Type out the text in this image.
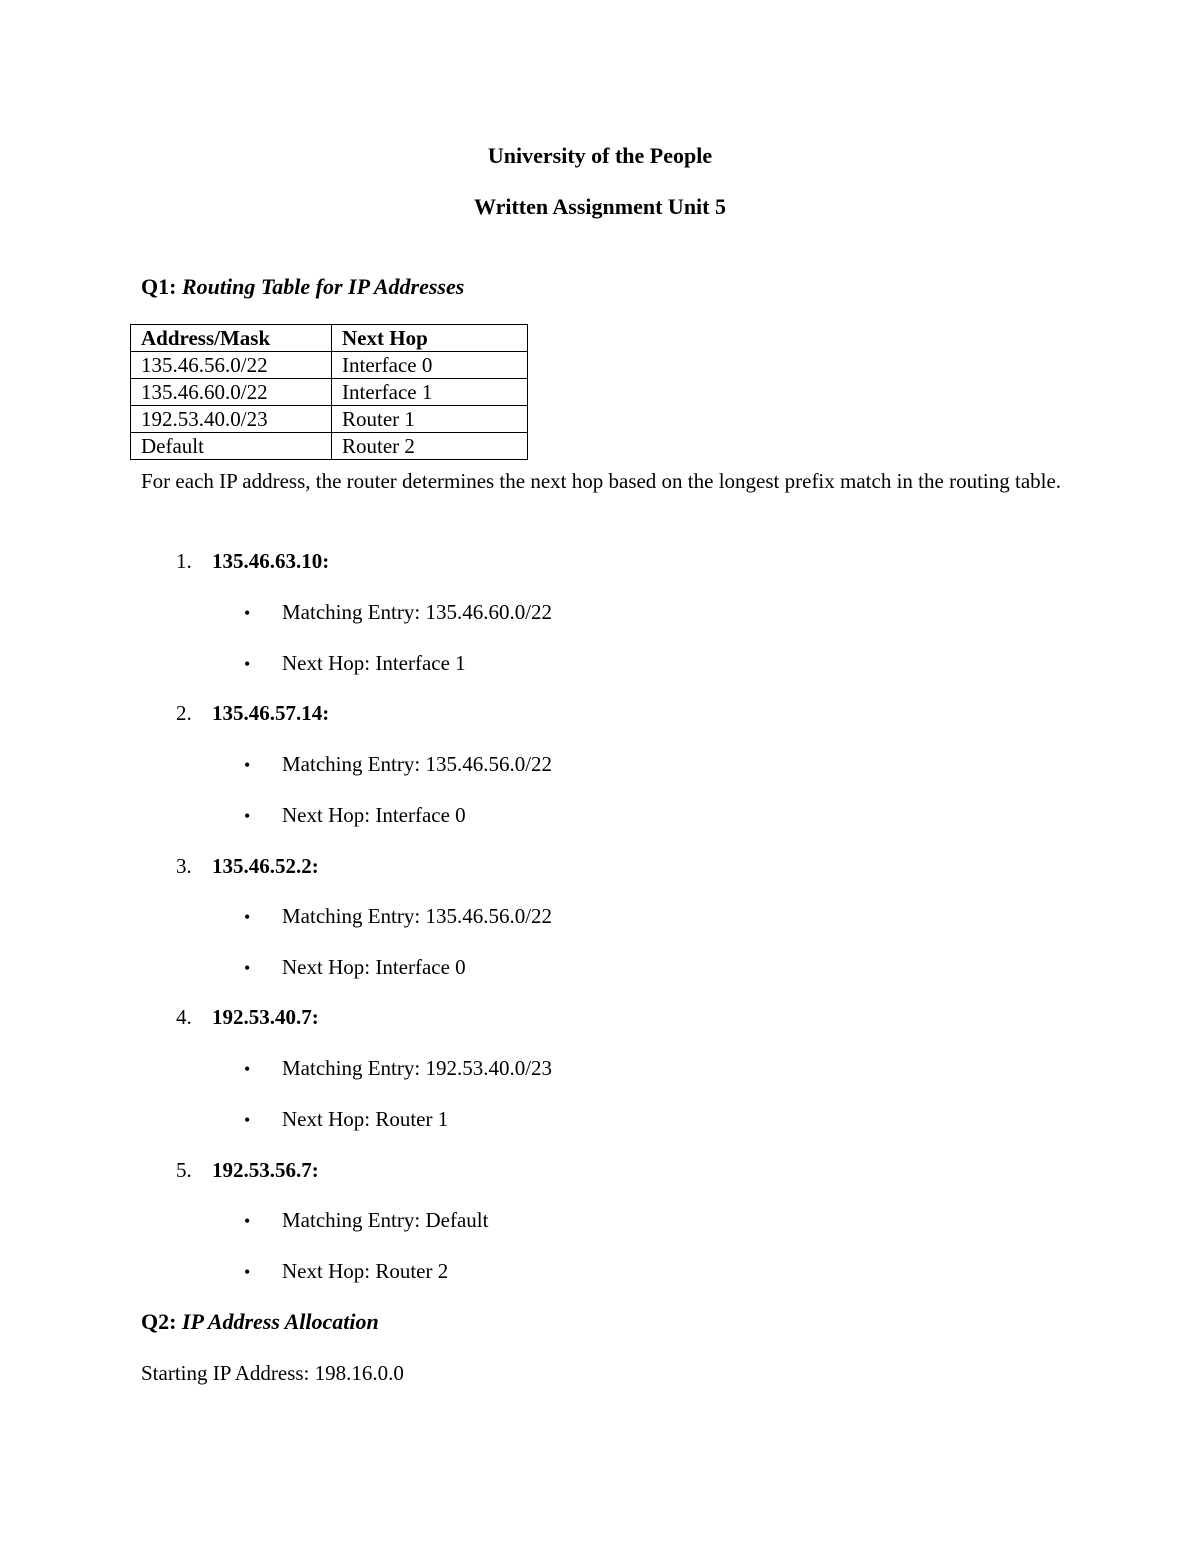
University of the People
Written Assignment Unit 5
Q1: Routing Table for IP Addresses
Address/Mask	Next Hop
135.46.56.0/22	Interface 0
135.46.60.0/22	Interface 1
192.53.40.0/23	Router 1
Default	Router 2
For each IP address, the router determines the next hop based on the longest prefix match in the routing table.
1. 135.46.63.10:
• Matching Entry: 135.46.60.0/22
• Next Hop: Interface 1
2. 135.46.57.14:
• Matching Entry: 135.46.56.0/22
• Next Hop: Interface 0
3. 135.46.52.2:
• Matching Entry: 135.46.56.0/22
• Next Hop: Interface 0
4. 192.53.40.7:
• Matching Entry: 192.53.40.0/23
• Next Hop: Router 1
5. 192.53.56.7:
• Matching Entry: Default
• Next Hop: Router 2
Q2: IP Address Allocation
Starting IP Address: 198.16.0.0
